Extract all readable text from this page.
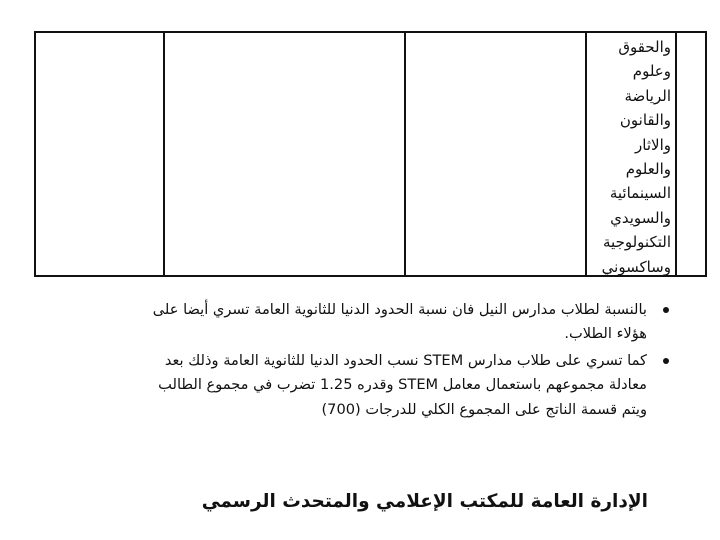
والحقوق
وعلوم
الرياضة
والقانون
والاثار
والعلوم
السينمائية
والسويدي
التكنولوجية
وساكسوني
بالنسبة لطلاب مدارس النيل فان نسبة الحدود الدنيا للثانوية العامة تسري أيضا على
هؤلاء الطلاب.
كما تسري على طلاب مدارس STEM نسب الحدود الدنيا للثانوية العامة وذلك بعد
معادلة مجموعهم باستعمال معامل STEM وقدره 1.25 تضرب في مجموع الطالب
ويتم قسمة الناتج على المجموع الكلي للدرجات (700)
الإدارة العامة للمكتب الإعلامي والمتحدث الرسمي
